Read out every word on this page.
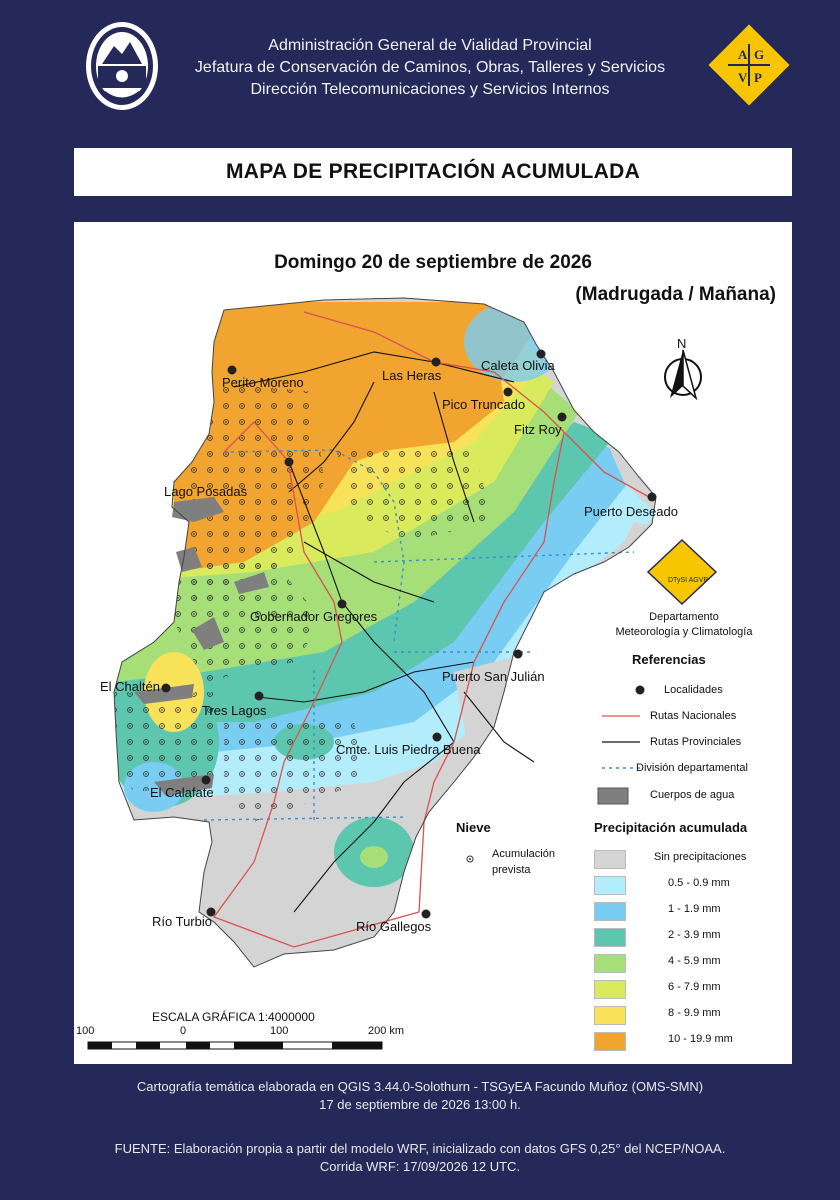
Administración General de Vialidad Provincial
Jefatura de Conservación de Caminos, Obras, Talleres y Servicios
Dirección Telecomunicaciones y Servicios Internos
A G
V P
MAPA DE PRECIPITACIÓN ACUMULADA
N
DTySI AGVP
Domingo 20 de septiembre de 2026
(Madrugada / Mañana)
Perito Moreno	Las Heras
Caleta Olivia
Pico Truncado
Fitz Roy
Lago Posadas
Puerto Deseado
Gobernador Gregores
Puerto San Julián
El Chaltén
Tres Lagos
Cmte. Luis Piedra Buena
El Calafate
Río Turbio	Río Gallegos
Departamento
Meteorología y Climatología
Referencias
Localidades
Rutas Nacionales
Rutas Provinciales
División departamental
Cuerpos de agua
Nieve
Acumulación
prevista
Precipitación acumulada
Sin precipitaciones
0.5 - 0.9 mm
1 - 1.9 mm
2 - 3.9 mm
4 - 5.9 mm
6 - 7.9 mm
8 - 9.9 mm
10 - 19.9 mm
ESCALA GRÁFICA 1:4000000
100	0	100	200 km
Cartografía temática elaborada en QGIS 3.44.0-Solothurn - TSGyEA Facundo Muñoz (OMS-SMN)
17 de septiembre de 2026 13:00 h.
FUENTE: Elaboración propia a partir del modelo WRF, inicializado con datos GFS 0,25° del NCEP/NOAA.
Corrida WRF: 17/09/2026 12 UTC.
